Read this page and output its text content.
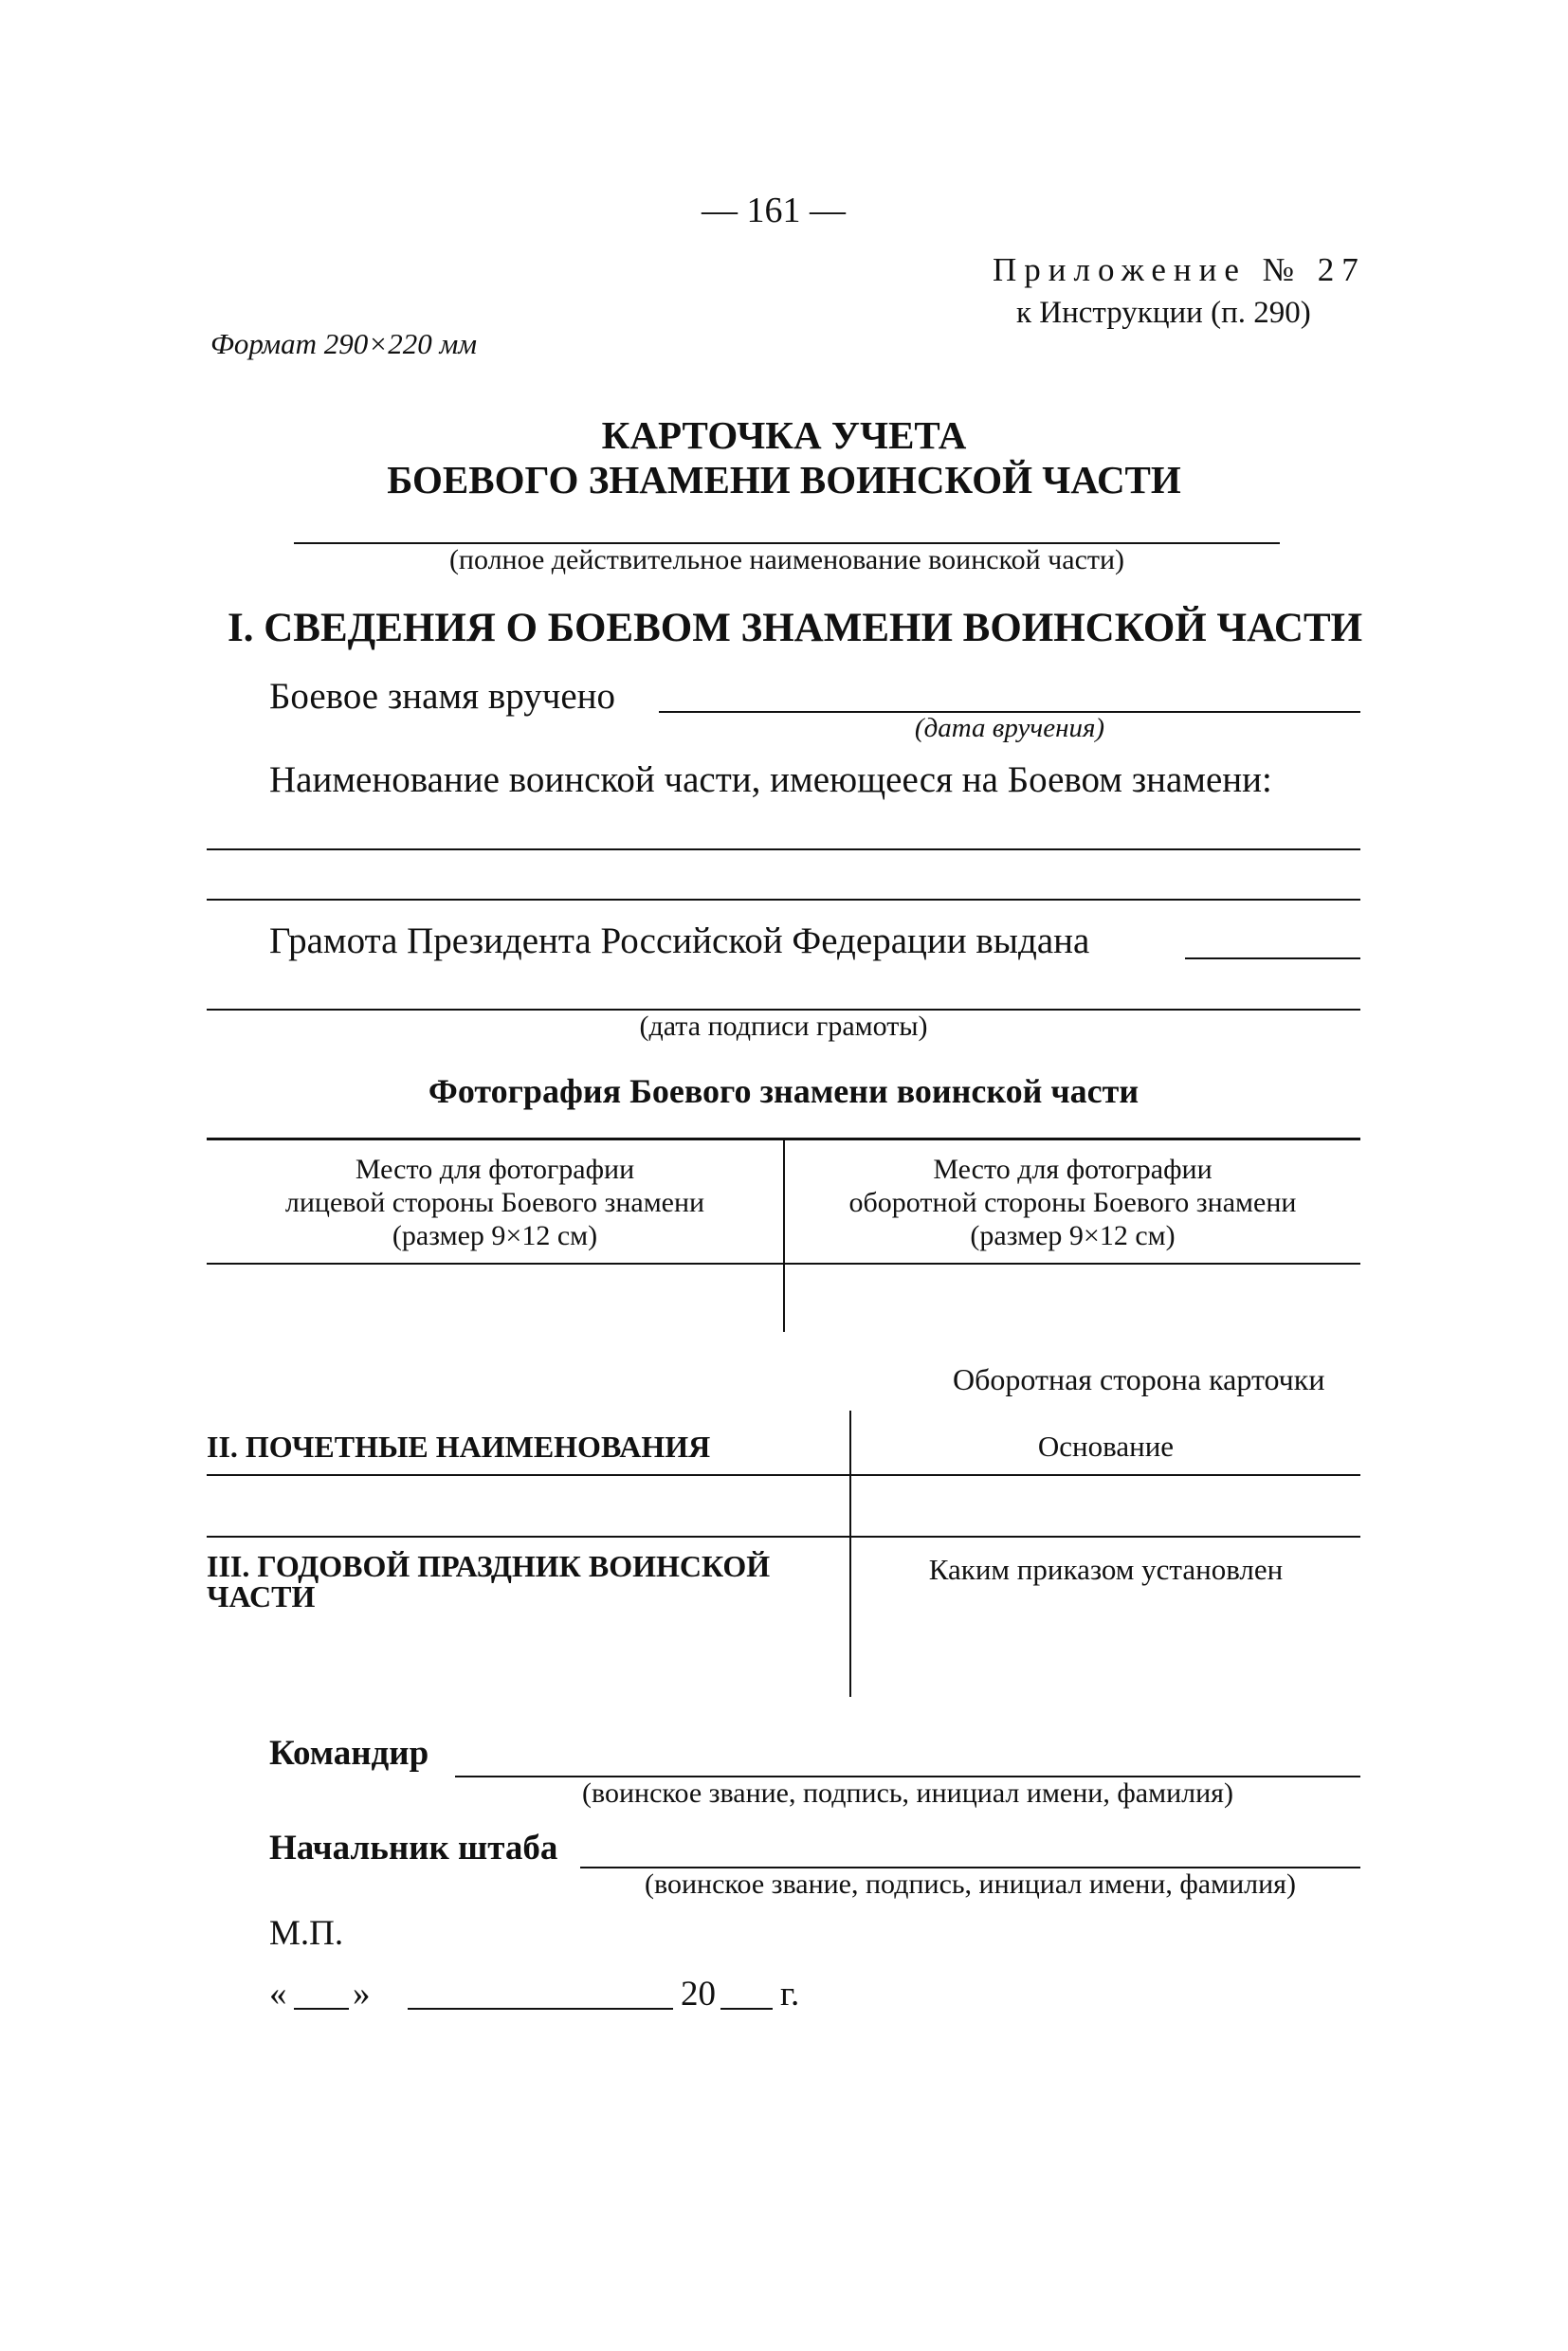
— 161 —
Приложение № 27
к Инструкции (п. 290)
Формат 290×220 мм
КАРТОЧКА УЧЕТА
БОЕВОГО ЗНАМЕНИ ВОИНСКОЙ ЧАСТИ
(полное действительное наименование воинской части)
I. СВЕДЕНИЯ О БОЕВОМ ЗНАМЕНИ ВОИНСКОЙ ЧАСТИ
Боевое знамя вручено
(дата вручения)
Наименование воинской части, имеющееся на Боевом знамени:
Грамота Президента Российской Федерации выдана
(дата подписи грамоты)
Фотография Боевого знамени воинской части
Место для фотографии
лицевой стороны Боевого знамени
(размер 9×12 см)
Место для фотографии
оборотной стороны Боевого знамени
(размер 9×12 см)
Оборотная сторона карточки
II. ПОЧЕТНЫЕ НАИМЕНОВАНИЯ	Основание
III. ГОДОВОЙ ПРАЗДНИК ВОИНСКОЙ
ЧАСТИ
Каким приказом установлен
Командир
(воинское звание, подпись, инициал имени, фамилия)
Начальник штаба
(воинское звание, подпись, инициал имени, фамилия)
М.П.
« »	20 г.
